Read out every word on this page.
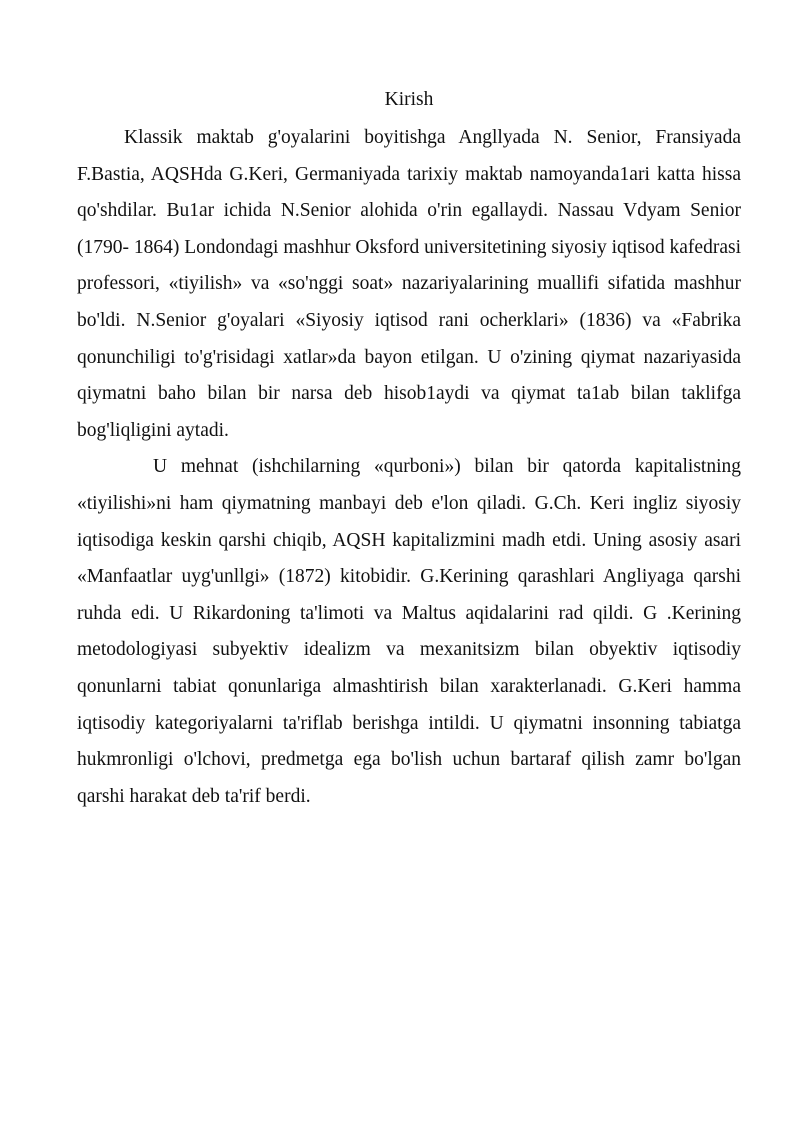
Kirish

Klassik maktab g'oyalarini boyitishga Angllyada N. Senior, Fransiyada F.Bastia, AQSHda G.Keri, Germaniyada tarixiy maktab namoyanda1ari katta hissa qo'shdilar. Bu1ar ichida N.Senior alohida o'rin egallaydi. Nassau Vdyam Senior (1790- 1864) Londondagi mashhur Oksford universitetining siyosiy iqtisod kafedrasi professori, «tiyilish» va «so'nggi soat» nazariyalarining muallifi sifatida mashhur bo'ldi. N.Senior g'oyalari «Siyosiy iqtisod rani ocherklari» (1836) va «Fabrika qonunchiligi to'g'risidagi xatlar»da bayon etilgan. U o'zining qiymat nazariyasida qiymatni baho bilan bir narsa deb hisob1aydi va qiymat ta1ab bilan taklifga bog'liqligini aytadi.

U mehnat (ishchilarning «qurboni») bilan bir qatorda kapitalistning «tiyilishi»ni ham qiymatning manbayi deb e'lon qiladi. G.Ch. Keri ingliz siyosiy iqtisodiga keskin qarshi chiqib, AQSH kapitalizmini madh etdi. Uning asosiy asari «Manfaatlar uyg'unllgi» (1872) kitobidir. G.Kerining qarashlari Angliyaga qarshi ruhda edi. U Rikardoning ta'limoti va Maltus aqidalarini rad qildi. G .Kerining metodologiyasi subyektiv idealizm va mexanitsizm bilan obyektiv iqtisodiy qonunlarni tabiat qonunlariga almashtirish bilan xarakterlanadi. G.Keri hamma iqtisodiy kategoriyalarni ta'riflab berishga intildi. U qiymatni insonning tabiatga hukmronligi o'lchovi, predmetga ega bo'lish uchun bartaraf qilish zamr bo'lgan qarshi harakat deb ta'rif berdi.
